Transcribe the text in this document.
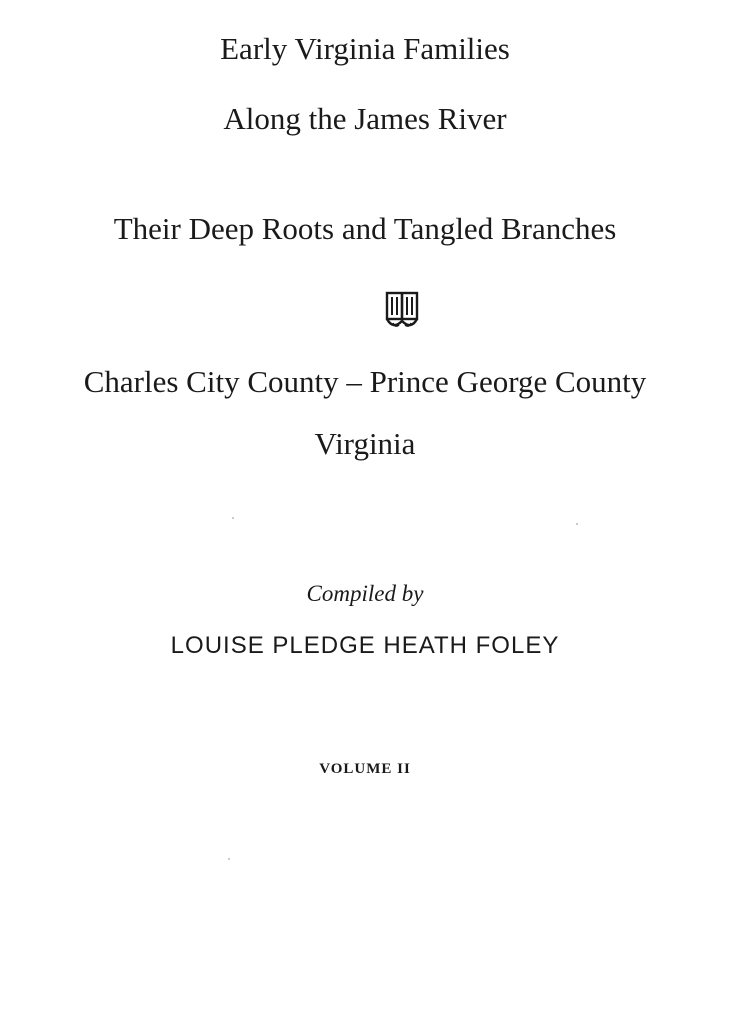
Early Virginia Families
Along the James River
Their Deep Roots and Tangled Branches
Charles City County – Prince George County
Virginia
Compiled by
LOUISE PLEDGE HEATH FOLEY
VOLUME II
